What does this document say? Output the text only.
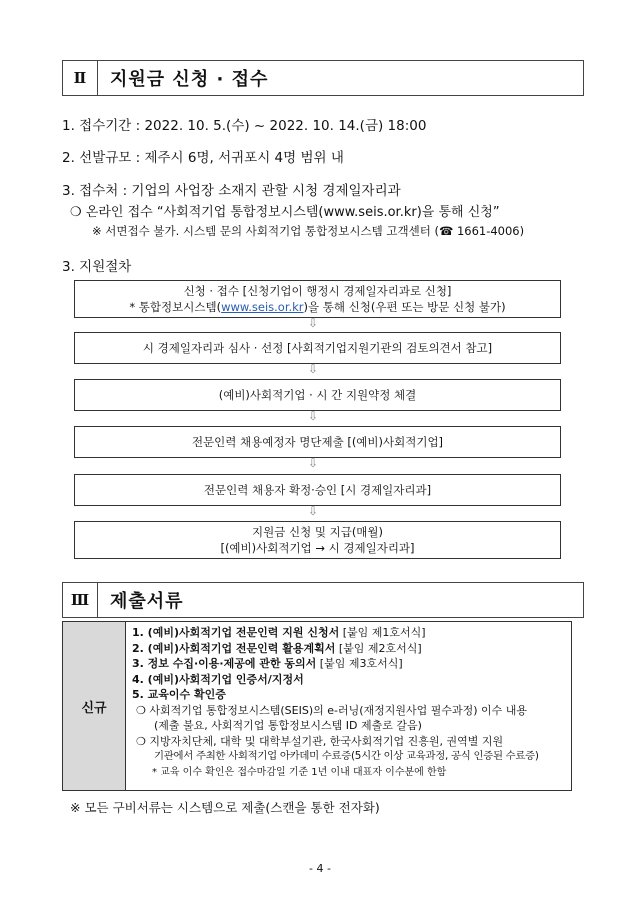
Ⅱ	지원금 신청 · 접수
1. 접수기간 : 2022. 10. 5.(수) ~ 2022. 10. 14.(금) 18:00
2. 선발규모 : 제주시 6명, 서귀포시 4명 범위 내
3. 접수처 : 기업의 사업장 소재지 관할 시청 경제일자리과
❍ 온라인 접수 “사회적기업 통합정보시스템(www.seis.or.kr)을 통해 신청”
※ 서면접수 불가. 시스템 문의 사회적기업 통합정보시스템 고객센터 (☎ 1661-4006)
3. 지원절차
신청 · 접수 [신청기업이 행정시 경제일자리과로 신청]
* 통합정보시스템(www.seis.or.kr)을 통해 신청(우편 또는 방문 신청 불가)
⇩
시 경제일자리과 심사 · 선정 [사회적기업지원기관의 검토의견서 참고]
⇩
(예비)사회적기업 · 시 간 지원약정 체결
⇩
전문인력 채용예정자 명단제출 [(예비)사회적기업]
⇩
전문인력 채용자 확정·승인 [시 경제일자리과]
⇩
지원금 신청 및 지급(매월)
[(예비)사회적기업 → 시 경제일자리과]
Ⅲ	제출서류
신규
1. (예비)사회적기업 전문인력 지원 신청서 [붙임 제1호서식]
2. (예비)사회적기업 전문인력 활용계획서 [붙임 제2호서식]
3. 정보 수집·이용·제공에 관한 동의서 [붙임 제3호서식]
4. (예비)사회적기업 인증서/지정서
5. 교육이수 확인증
❍ 사회적기업 통합정보시스템(SEIS)의 e-러닝(재정지원사업 필수과정) 이수 내용
(제출 불요, 사회적기업 통합정보시스템 ID 제출로 갈음)
❍ 지방자치단체, 대학 및 대학부설기관, 한국사회적기업 진흥원, 권역별 지원
기관에서 주최한 사회적기업 아카데미 수료증(5시간 이상 교육과정, 공식 인증된 수료증)
* 교육 이수 확인은 접수마감일 기준 1년 이내 대표자 이수분에 한함
※ 모든 구비서류는 시스템으로 제출(스캔을 통한 전자화)
- 4 -
